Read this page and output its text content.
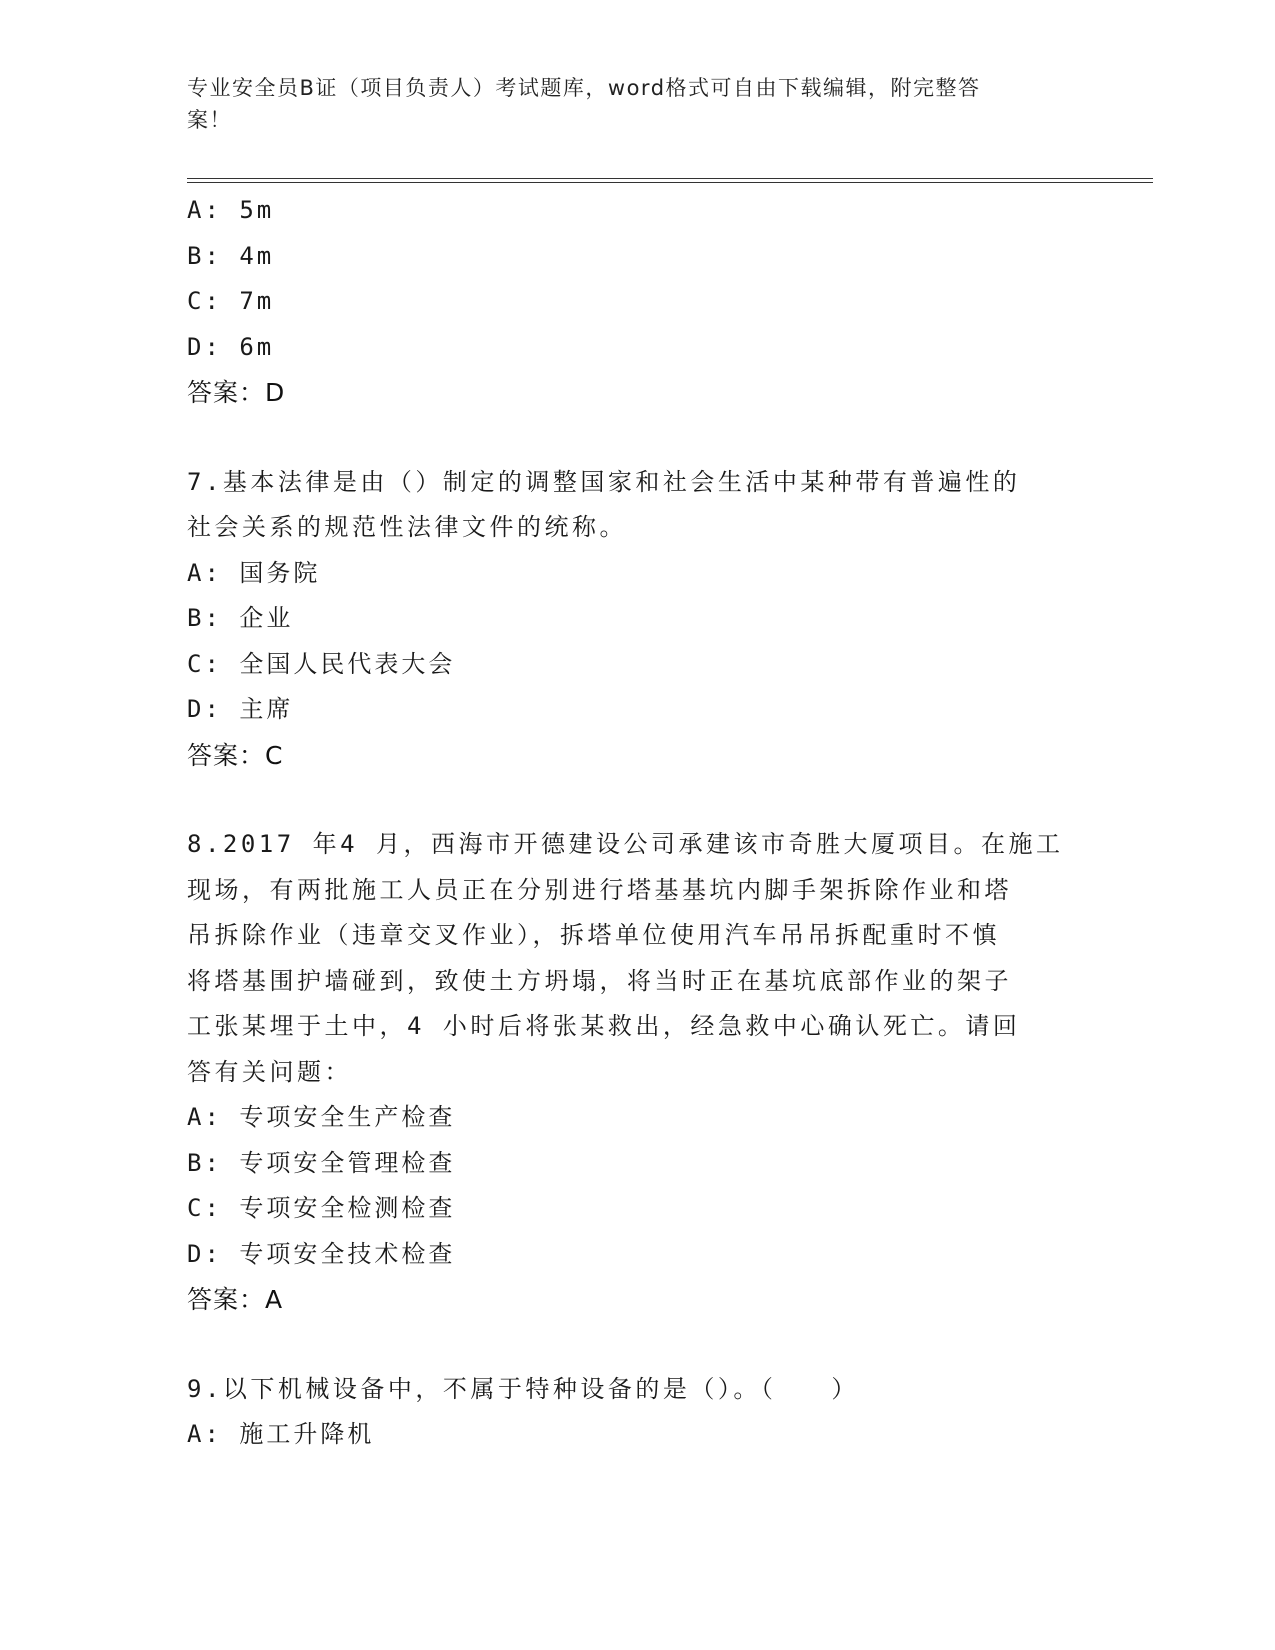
专业安全员B证（项目负责人）考试题库，word格式可自由下载编辑，附完整答
案！

A: 5m

B: 4m

C: 7m

D: 6m

答案：D

7.基本法律是由（）制定的调整国家和社会生活中某种带有普遍性的

社会关系的规范性法律文件的统称。

A: 国务院

B: 企业

C: 全国人民代表大会

D: 主席

答案：C

8.2017 年4 月，西海市开德建设公司承建该市奇胜大厦项目。在施工

现场，有两批施工人员正在分别进行塔基基坑内脚手架拆除作业和塔

吊拆除作业（违章交叉作业），拆塔单位使用汽车吊吊拆配重时不慎

将塔基围护墙碰到，致使土方坍塌，将当时正在基坑底部作业的架子

工张某埋于土中，4 小时后将张某救出，经急救中心确认死亡。请回

答有关问题：

A: 专项安全生产检查

B: 专项安全管理检查

C: 专项安全检测检查

D: 专项安全技术检查

答案：A

9.以下机械设备中，不属于特种设备的是（）。（　　）

A: 施工升降机
